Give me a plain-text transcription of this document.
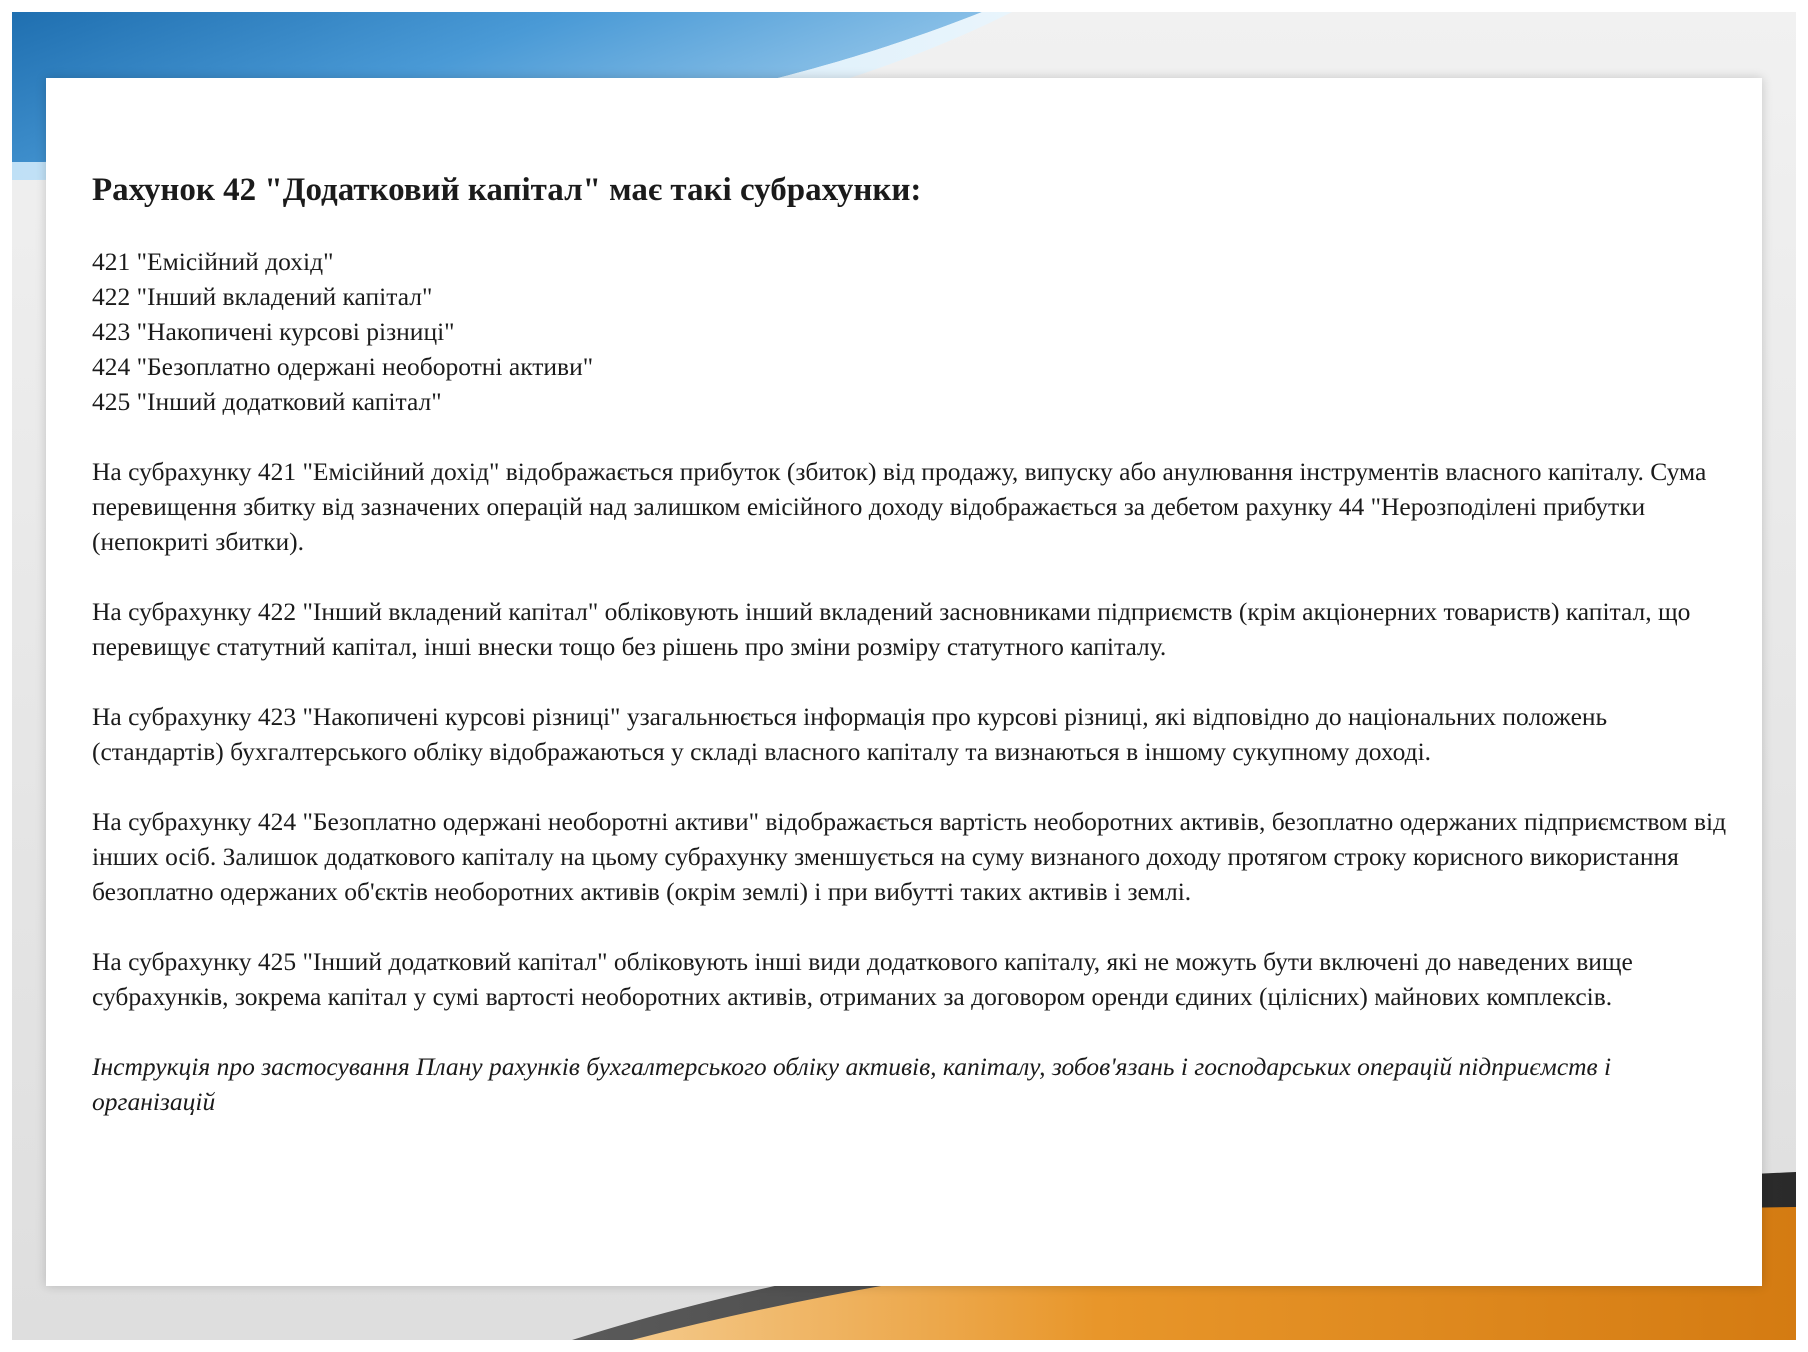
Рахунок 42 "Додатковий капітал" має такі субрахунки:
421 "Емісійний дохід"
422 "Інший вкладений капітал"
423 "Накопичені курсові різниці"
424 "Безоплатно одержані необоротні активи"
425 "Інший додатковий капітал"

На субрахунку 421 "Емісійний дохід" відображається прибуток (збиток) від продажу, випуску або анулювання інструментів власного капіталу. Сума перевищення збитку від зазначених операцій над залишком емісійного доходу відображається за дебетом рахунку 44 "Нерозподілені прибутки (непокриті збитки).

На субрахунку 422 "Інший вкладений капітал" обліковують інший вкладений засновниками підприємств (крім акціонерних товариств) капітал, що перевищує статутний капітал, інші внески тощо без рішень про зміни розміру статутного капіталу.

На субрахунку 423 "Накопичені курсові різниці" узагальнюється інформація про курсові різниці, які відповідно до національних положень (стандартів) бухгалтерського обліку відображаються у складі власного капіталу та визнаються в іншому сукупному доході.

На субрахунку 424 "Безоплатно одержані необоротні активи" відображається вартість необоротних активів, безоплатно одержаних підприємством від інших осіб. Залишок додаткового капіталу на цьому субрахунку зменшується на суму визнаного доходу протягом строку корисного використання безоплатно одержаних об'єктів необоротних активів (окрім землі) і при вибутті таких активів і землі.

На субрахунку 425 "Інший додатковий капітал" обліковують інші види додаткового капіталу, які не можуть бути включені до наведених вище субрахунків, зокрема капітал у сумі вартості необоротних активів, отриманих за договором оренди єдиних (цілісних) майнових комплексів.

Інструкція про застосування Плану рахунків бухгалтерського обліку активів, капіталу, зобов'язань і господарських операцій підприємств і організацій
